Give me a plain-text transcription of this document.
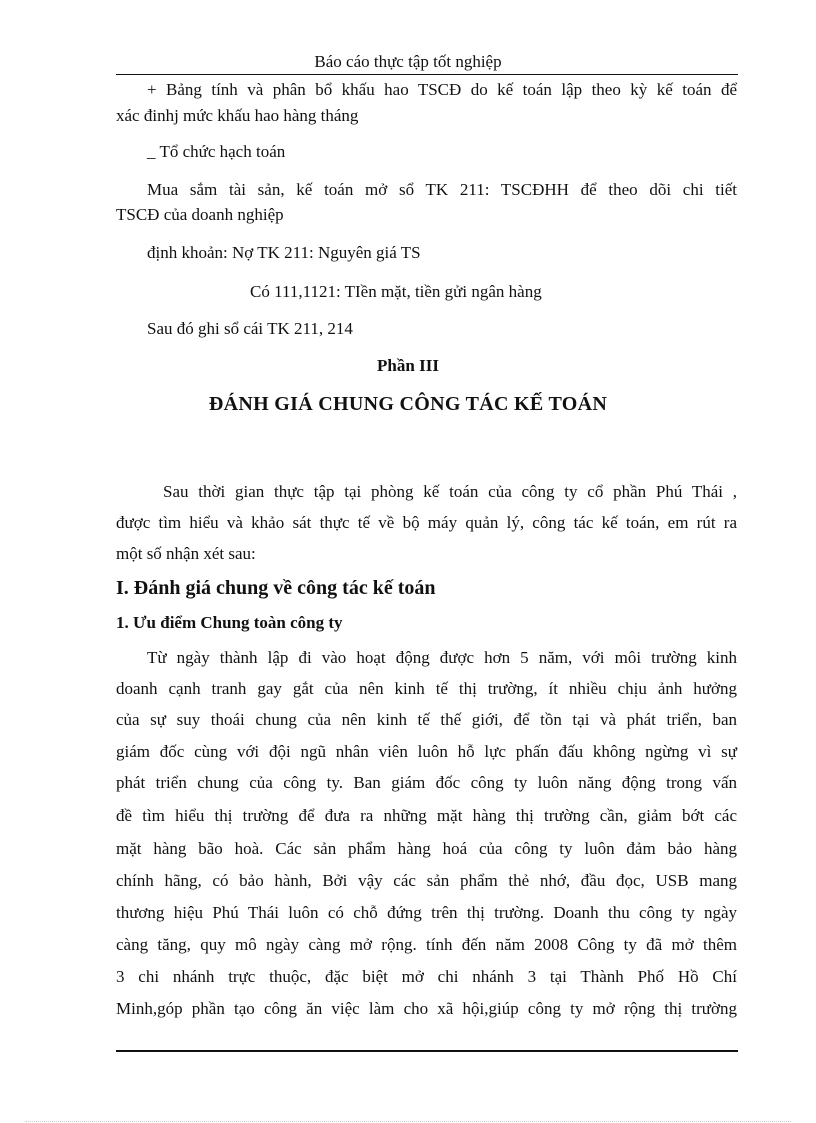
Báo cáo thực tập tốt nghiệp
+ Bảng tính và phân bổ khấu hao TSCĐ do kế toán lập theo kỳ kế toán để
xác đinhj mức khấu hao hàng tháng
_ Tổ chức hạch toán
Mua sắm tài sản, kế toán mở sổ TK 211: TSCĐHH để theo dõi chi tiết
TSCĐ của doanh nghiệp
định khoản: Nợ TK 211: Nguyên giá TS
Có 111,1121: TIền mặt, tiền gửi ngân hàng
Sau đó ghi sổ cái TK 211, 214
Phần III
ĐÁNH GIÁ CHUNG CÔNG TÁC KẾ TOÁN
Sau thời gian thực tập tại phòng kế toán của công ty cổ phần Phú Thái ,
được tìm hiểu và khảo sát thực tế về bộ máy quản lý, công tác kế toán, em rút ra
một số nhận xét sau:
I. Đánh giá chung về công tác kế toán
1. Ưu điểm Chung toàn công ty
Từ ngày thành lập đi vào hoạt động được hơn 5 năm, với môi trường kinh
doanh cạnh tranh gay gắt của nên kinh tế thị trường, ít nhiều chịu ảnh hưởng
của sự suy thoái chung của nên kinh tế thế giới, để tồn tại và phát triển, ban
giám đốc cùng với đội ngũ nhân viên luôn hỗ lực phấn đấu không ngừng vì sự
phát triển chung của công ty. Ban giám đốc công ty luôn năng động trong vấn
đề tìm hiểu thị trường để đưa ra những mặt hàng thị trường cần, giảm bớt các
mặt hàng bão hoà. Các sản phẩm hàng hoá của công ty luôn đảm bảo hàng
chính hãng, có bảo hành, Bởi vậy các sản phẩm thẻ nhớ, đầu đọc, USB mang
thương hiệu Phú Thái luôn có chỗ đứng trên thị trường. Doanh thu công ty ngày
càng tăng, quy mô ngày càng mở rộng. tính đến năm 2008 Công ty đã mở thêm
3 chi nhánh trực thuộc, đặc biệt mở chi nhánh 3 tại Thành Phố Hồ Chí
Minh,góp phần tạo công ăn việc làm cho xã hội,giúp công ty mở rộng thị trường
